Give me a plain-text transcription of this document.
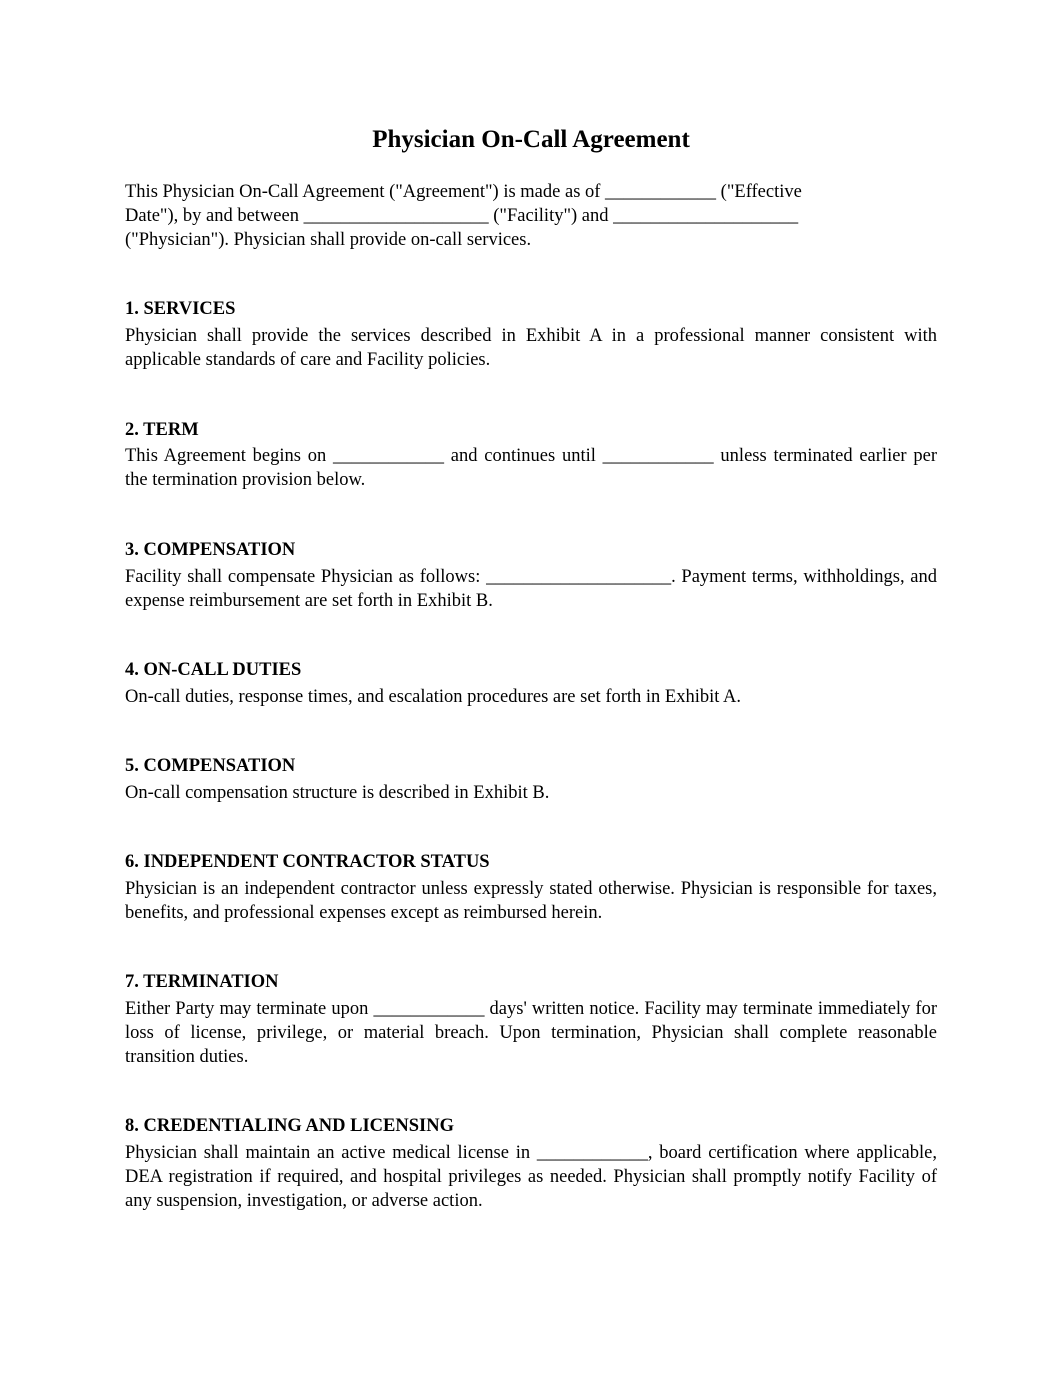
Physician On-Call Agreement
This Physician On-Call Agreement ("Agreement") is made as of ____________ ("Effective
Date"), by and between ____________________ ("Facility") and ____________________
("Physician"). Physician shall provide on-call services.
1. SERVICES
Physician shall provide the services described in Exhibit A in a professional manner consistent with applicable standards of care and Facility policies.
2. TERM
This Agreement begins on ____________ and continues until ____________ unless terminated earlier per the termination provision below.
3. COMPENSATION
Facility shall compensate Physician as follows: ____________________. Payment terms, withholdings, and expense reimbursement are set forth in Exhibit B.
4. ON-CALL DUTIES
On-call duties, response times, and escalation procedures are set forth in Exhibit A.
5. COMPENSATION
On-call compensation structure is described in Exhibit B.
6. INDEPENDENT CONTRACTOR STATUS
Physician is an independent contractor unless expressly stated otherwise. Physician is responsible for taxes, benefits, and professional expenses except as reimbursed herein.
7. TERMINATION
Either Party may terminate upon ____________ days' written notice. Facility may terminate immediately for loss of license, privilege, or material breach. Upon termination, Physician shall complete reasonable transition duties.
8. CREDENTIALING AND LICENSING
Physician shall maintain an active medical license in ____________, board certification where applicable, DEA registration if required, and hospital privileges as needed. Physician shall promptly notify Facility of any suspension, investigation, or adverse action.
